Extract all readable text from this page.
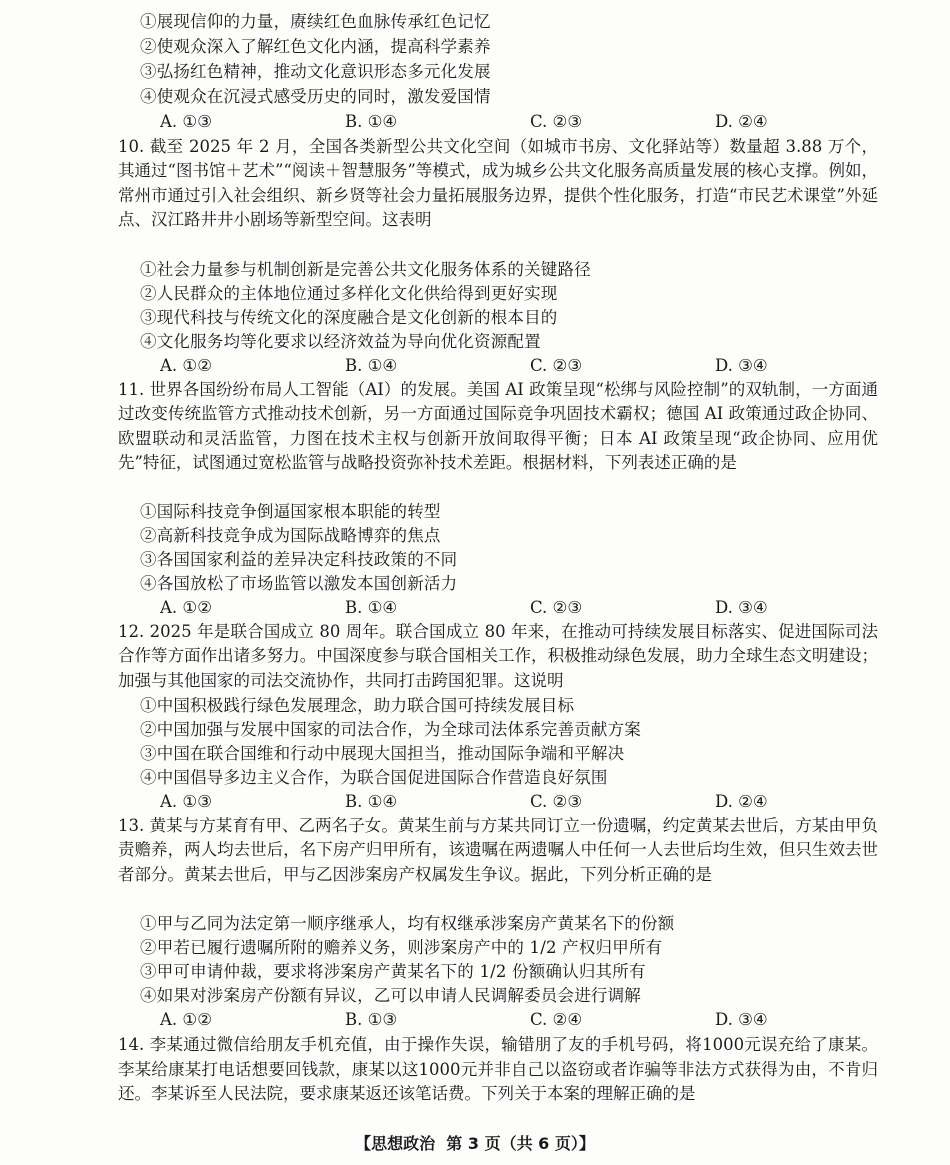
①展现信仰的力量，赓续红色血脉传承红色记忆
②使观众深入了解红色文化内涵，提高科学素养
③弘扬红色精神，推动文化意识形态多元化发展
④使观众在沉浸式感受历史的同时，激发爱国情
A. ①③	B. ①④	C. ②③	D. ②④
10. 截至 2025 年 2 月，全国各类新型公共文化空间（如城市书房、文化驿站等）数量超 3.88 万个，其通过“图书馆＋艺术”“阅读＋智慧服务”等模式，成为城乡公共文化服务高质量发展的核心支撑。例如，常州市通过引入社会组织、新乡贤等社会力量拓展服务边界，提供个性化服务，打造“市民艺术课堂”外延点、汉江路井井小剧场等新型空间。这表明
①社会力量参与机制创新是完善公共文化服务体系的关键路径
②人民群众的主体地位通过多样化文化供给得到更好实现
③现代科技与传统文化的深度融合是文化创新的根本目的
④文化服务均等化要求以经济效益为导向优化资源配置
A. ①②	B. ①④	C. ②③	D. ③④
11. 世界各国纷纷布局人工智能（AI）的发展。美国 AI 政策呈现“松绑与风险控制”的双轨制，一方面通过改变传统监管方式推动技术创新，另一方面通过国际竞争巩固技术霸权；德国 AI 政策通过政企协同、欧盟联动和灵活监管，力图在技术主权与创新开放间取得平衡；日本 AI 政策呈现“政企协同、应用优先”特征，试图通过宽松监管与战略投资弥补技术差距。根据材料，下列表述正确的是
①国际科技竞争倒逼国家根本职能的转型
②高新科技竞争成为国际战略博弈的焦点
③各国国家利益的差异决定科技政策的不同
④各国放松了市场监管以激发本国创新活力
A. ①②	B. ①④	C. ②③	D. ③④
12. 2025 年是联合国成立 80 周年。联合国成立 80 年来，在推动可持续发展目标落实、促进国际司法合作等方面作出诸多努力。中国深度参与联合国相关工作，积极推动绿色发展，助力全球生态文明建设；加强与其他国家的司法交流协作，共同打击跨国犯罪。这说明
①中国积极践行绿色发展理念，助力联合国可持续发展目标
②中国加强与发展中国家的司法合作，为全球司法体系完善贡献方案
③中国在联合国维和行动中展现大国担当，推动国际争端和平解决
④中国倡导多边主义合作，为联合国促进国际合作营造良好氛围
A. ①③	B. ①④	C. ②③	D. ②④
13. 黄某与方某育有甲、乙两名子女。黄某生前与方某共同订立一份遗嘱，约定黄某去世后，方某由甲负责赡养，两人均去世后，名下房产归甲所有，该遗嘱在两遗嘱人中任何一人去世后均生效，但只生效去世者部分。黄某去世后，甲与乙因涉案房产权属发生争议。据此，下列分析正确的是
①甲与乙同为法定第一顺序继承人，均有权继承涉案房产黄某名下的份额
②甲若已履行遗嘱所附的赡养义务，则涉案房产中的 1/2 产权归甲所有
③甲可申请仲裁，要求将涉案房产黄某名下的 1/2 份额确认归其所有
④如果对涉案房产份额有异议，乙可以申请人民调解委员会进行调解
A. ①②	B. ①③	C. ②④	D. ③④
14. 李某通过微信给朋友手机充值，由于操作失误，输错朋了友的手机号码，将1000元误充给了康某。李某给康某打电话想要回钱款，康某以这1000元并非自己以盗窃或者诈骗等非法方式获得为由，不肯归还。李某诉至人民法院，要求康某返还该笔话费。下列关于本案的理解正确的是
【思想政治 第 3 页（共 6 页）】
